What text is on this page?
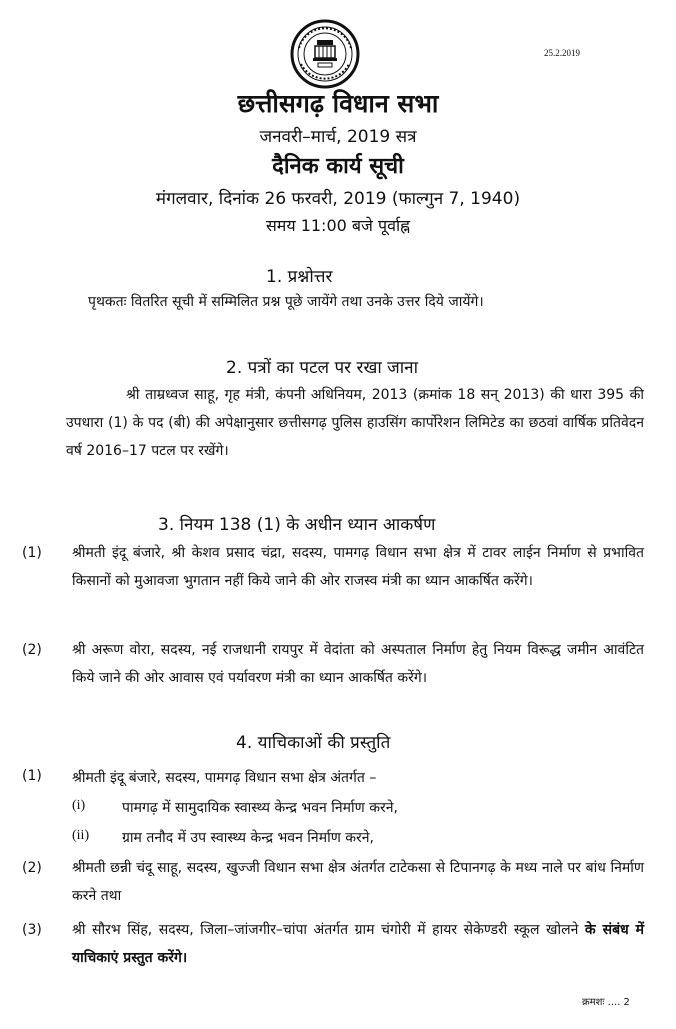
25.2.2019
छत्तीसगढ़ विधान सभा
जनवरी–मार्च, 2019 सत्र
दैनिक कार्य सूची
मंगलवार, दिनांक 26 फरवरी, 2019 (फाल्गुन 7, 1940)
समय 11:00 बजे पूर्वाह्न
1. प्रश्नोत्तर
पृथकतः वितरित सूची में सम्मिलित प्रश्न पूछे जायेंगे तथा उनके उत्तर दिये जायेंगे।
2. पत्रों का पटल पर रखा जाना
श्री ताम्रध्वज साहू, गृह मंत्री, कंपनी अधिनियम, 2013 (क्रमांक 18 सन् 2013) की धारा 395 की उपधारा (1) के पद (बी) की अपेक्षानुसार छत्तीसगढ़ पुलिस हाउसिंग कार्पोरेशन लिमिटेड का छठवां वार्षिक प्रतिवेदन वर्ष 2016–17 पटल पर रखेंगे।
3. नियम 138 (1) के अधीन ध्यान आकर्षण
(1) श्रीमती इंदू बंजारे, श्री केशव प्रसाद चंद्रा, सदस्य, पामगढ़ विधान सभा क्षेत्र में टावर लाईन निर्माण से प्रभावित किसानों को मुआवजा भुगतान नहीं किये जाने की ओर राजस्व मंत्री का ध्यान आकर्षित करेंगे।
(2) श्री अरूण वोरा, सदस्य, नई राजधानी रायपुर में वेदांता को अस्पताल निर्माण हेतु नियम विरूद्ध जमीन आवंटित किये जाने की ओर आवास एवं पर्यावरण मंत्री का ध्यान आकर्षित करेंगे।
4. याचिकाओं की प्रस्तुति
(1) श्रीमती इंदू बंजारे, सदस्य, पामगढ़ विधान सभा क्षेत्र अंतर्गत –
(i)	पामगढ़ में सामुदायिक स्वास्थ्य केन्द्र भवन निर्माण करने,
(ii) ग्राम तनौद में उप स्वास्थ्य केन्द्र भवन निर्माण करने,
(2) श्रीमती छन्नी चंदू साहू, सदस्य, खुज्जी विधान सभा क्षेत्र अंतर्गत टाटेकसा से टिपानगढ़ के मध्य नाले पर बांध निर्माण करने तथा
(3) श्री सौरभ सिंह, सदस्य, जिला–जांजगीर–चांपा अंतर्गत ग्राम चंगोरी में हायर सेकेण्डरी स्कूल खोलने के संबंध में याचिकाएं प्रस्तुत करेंगे।
क्रमशः .... 2
